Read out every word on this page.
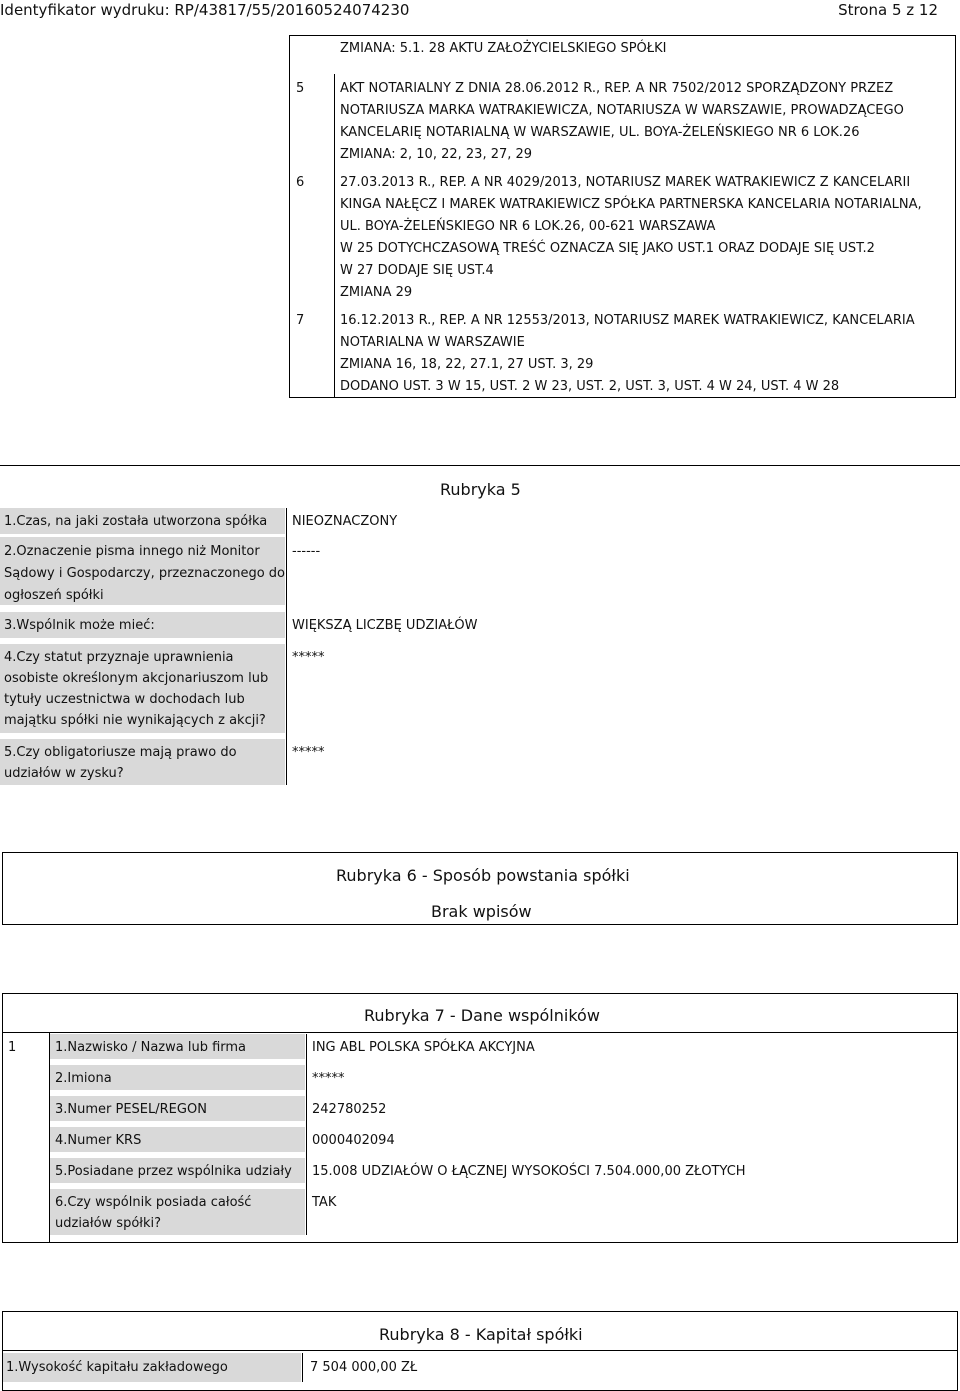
Identyfikator wydruku: RP/43817/55/20160524074230	Strona 5 z 12
ZMIANA: 5.1. 28 AKTU ZAŁOŻYCIELSKIEGO SPÓŁKI
5	AKT NOTARIALNY Z DNIA 28.06.2012 R., REP. A NR 7502/2012 SPORZĄDZONY PRZEZ
NOTARIUSZA MARKA WATRAKIEWICZA, NOTARIUSZA W WARSZAWIE, PROWADZĄCEGO
KANCELARIĘ NOTARIALNĄ W WARSZAWIE, UL. BOYA-ŻELEŃSKIEGO NR 6 LOK.26
ZMIANA: 2, 10, 22, 23, 27, 29
6	27.03.2013 R., REP. A NR 4029/2013, NOTARIUSZ MAREK WATRAKIEWICZ Z KANCELARII
KINGA NAŁĘCZ I MAREK WATRAKIEWICZ SPÓŁKA PARTNERSKA KANCELARIA NOTARIALNA,
UL. BOYA-ŻELEŃSKIEGO NR 6 LOK.26, 00-621 WARSZAWA
W 25 DOTYCHCZASOWĄ TREŚĆ OZNACZA SIĘ JAKO UST.1 ORAZ DODAJE SIĘ UST.2
W 27 DODAJE SIĘ UST.4
ZMIANA 29
7	16.12.2013 R., REP. A NR 12553/2013, NOTARIUSZ MAREK WATRAKIEWICZ, KANCELARIA
NOTARIALNA W WARSZAWIE
ZMIANA 16, 18, 22, 27.1, 27 UST. 3, 29
DODANO UST. 3 W 15, UST. 2 W 23, UST. 2, UST. 3, UST. 4 W 24, UST. 4 W 28
Rubryka 5
1.Czas, na jaki została utworzona spółka NIEOZNACZONY
2.Oznaczenie pisma innego niż Monitor
Sądowy i Gospodarczy, przeznaczonego do
ogłoszeń spółki
------
3.Wspólnik może mieć:	WIĘKSZĄ LICZBĘ UDZIAŁÓW
4.Czy statut przyznaje uprawnienia
osobiste określonym akcjonariuszom lub
tytuły uczestnictwa w dochodach lub
majątku spółki nie wynikających z akcji?
*****
5.Czy obligatoriusze mają prawo do
udziałów w zysku?
*****
Rubryka 6 - Sposób powstania spółki
Brak wpisów
Rubryka 7 - Dane wspólników
1	1.Nazwisko / Nazwa lub firma	ING ABL POLSKA SPÓŁKA AKCYJNA
2.Imiona	*****
3.Numer PESEL/REGON	242780252
4.Numer KRS	0000402094
5.Posiadane przez wspólnika udziały 15.008 UDZIAŁÓW O ŁĄCZNEJ WYSOKOŚCI 7.504.000,00 ZŁOTYCH
6.Czy wspólnik posiada całość
udziałów spółki?
TAK
Rubryka 8 - Kapitał spółki
1.Wysokość kapitału zakładowego	7 504 000,00 ZŁ
